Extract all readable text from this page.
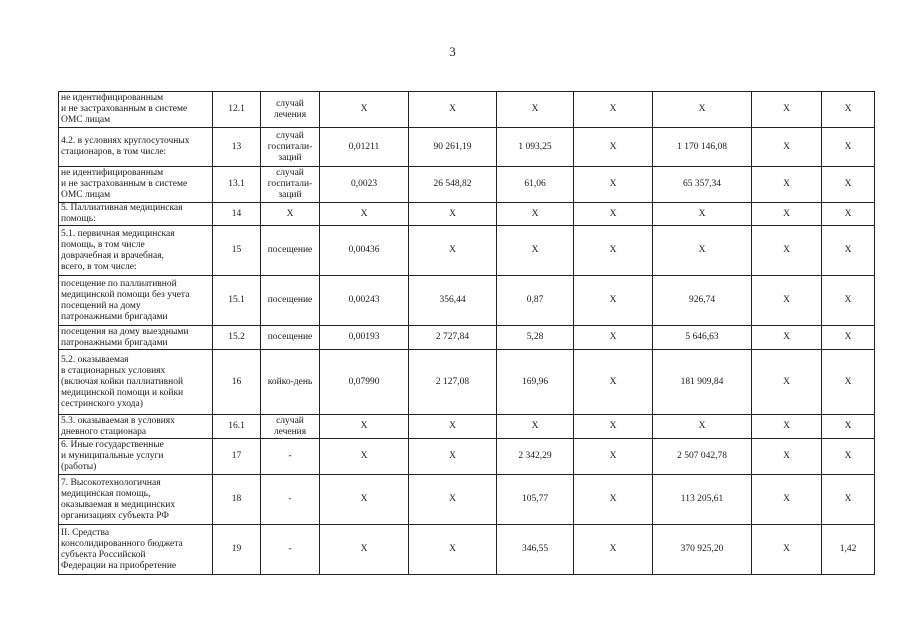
3
не идентифицированным
и не застрахованным в системе
ОМС лицам	12.1	случай
лечения	X	X	X	X	X	X	X

4.2. в условиях круглосуточных
стационаров, в том числе:	13	случай
госпитали-
заций	0,01211	90 261,19	1 093,25	X	1 170 146,08	X	X

не идентифицированным
и не застрахованным в системе
ОМС лицам	13.1	случай
госпитали-
заций	0,0023	26 548,82	61,06	X	65 357,34	X	X

5. Паллиативная медицинская
помощь:	14	X	X	X	X	X	X	X	X

5.1. первичная медицинская
помощь, в том числе
доврачебная и врачебная,
всего, в том числе:	15	посещение	0,00436	X	X	X	X	X	X

посещение по паллиативной
медицинской помощи без учета
посещений на дому
патронажными бригадами	15.1	посещение	0,00243	356,44	0,87	X	926,74	X	X

посещения на дому выездными
патронажными бригадами	15.2	посещение	0,00193	2 727,84	5,28	X	5 646,63	X	X

5.2. оказываемая
в стационарных условиях
(включая койки паллиативной
медицинской помощи и койки
сестринского ухода)	16	койко-день	0,07990	2 127,08	169,96	X	181 909,84	X	X

5.3. оказываемая в условиях
дневного стационара	16.1	случай
лечения	X	X	X	X	X	X	X

6. Иные государственные
и муниципальные услуги
(работы)	17	-	X	X	2 342,29	X	2 507 042,78	X	X

7. Высокотехнологичная
медицинская помощь,
оказываемая в медицинских
организациях субъекта РФ	18	-	X	X	105,77	X	113 205,61	X	X

II. Средства
консолидированного бюджета
субъекта Российской
Федерации на приобретение	19	-	X	X	346,55	X	370 925,20	X	1,42
